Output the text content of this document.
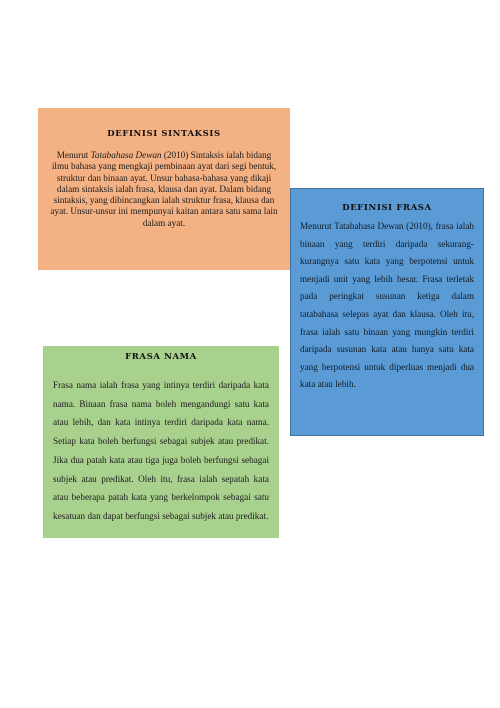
DEFINISI SINTAKSIS

Menurut Tatabahasa Dewan (2010) Sintaksis ialah bidang ilmu bahasa yang mengkaji pembinaan ayat dari segi bentuk, struktur dan binaan ayat. Unsur bahasa-bahasa yang dikaji dalam sintaksis ialah frasa, klausa dan ayat. Dalam bidang sintaksis, yang dibincangkan ialah struktur frasa, klausa dan ayat. Unsur-unsur ini mempunyai kaitan antara satu sama lain dalam ayat.

DEFINISI FRASA

Menurut Tatabahasa Dewan (2010), frasa ialah binaan yang terdiri daripada sekurang-kurangnya satu kata yang berpotensi untuk menjadi unit yang lebih besar. Frasa terletak pada peringkat susunan ketiga dalam tatabahasa selepas ayat dan klausa. Oleh itu, frasa ialah satu binaan yang mungkin terdiri daripada susunan kata atau hanya satu kata yang berpotensi untuk diperluas menjadi dua kata atau lebih.

FRASA NAMA

Frasa nama ialah frasa yang intinya terdiri daripada kata nama. Binaan frasa nama boleh mengandungi satu kata atau lebih, dan kata intinya terdiri daripada kata nama. Setiap kata boleh berfungsi sebagai subjek atau predikat. Jika dua patah kata atau tiga juga boleh berfungsi sebagai subjek atau predikat. Oleh itu, frasa ialah sepatah kata atau beberapa patah kata yang berkelompok sebagai satu kesatuan dan dapat berfungsi sebagai subjek atau predikat.
